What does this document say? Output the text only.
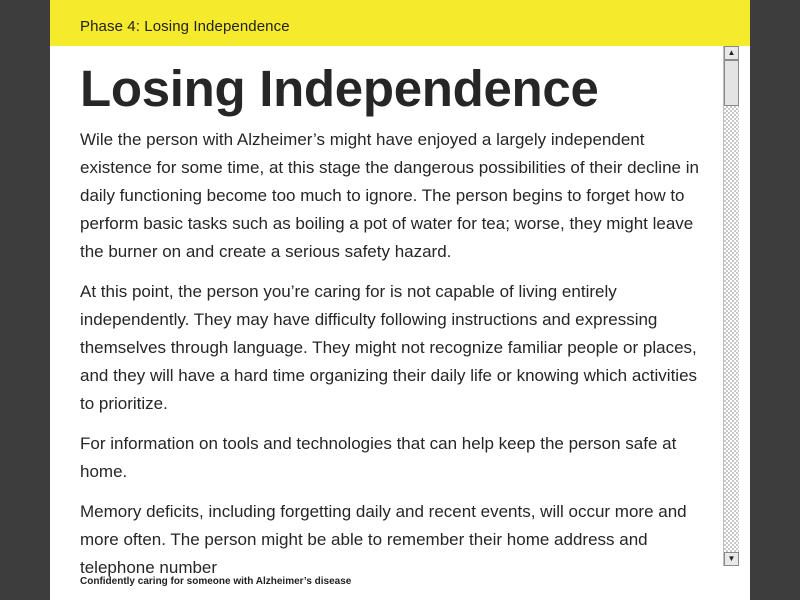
Phase 4: Losing Independence
Losing Independence

Wile the person with Alzheimer’s might have enjoyed a largely independent existence for some time, at this stage the dangerous possibilities of their decline in daily functioning become too much to ignore. The person begins to forget how to perform basic tasks such as boiling a pot of water for tea; worse, they might leave the burner on and create a serious safety hazard.

At this point, the person you’re caring for is not capable of living entirely independently. They may have difficulty following instructions and expressing themselves through language. They might not recognize familiar people or places, and they will have a hard time organizing their daily life or knowing which activities to prioritize.

For information on tools and technologies that can help keep the person safe at home.

Memory deficits, including forgetting daily and recent events, will occur more and more often. The person might be able to remember their home address and telephone number

▲
▼
Confidently caring for someone with Alzheimer’s disease
